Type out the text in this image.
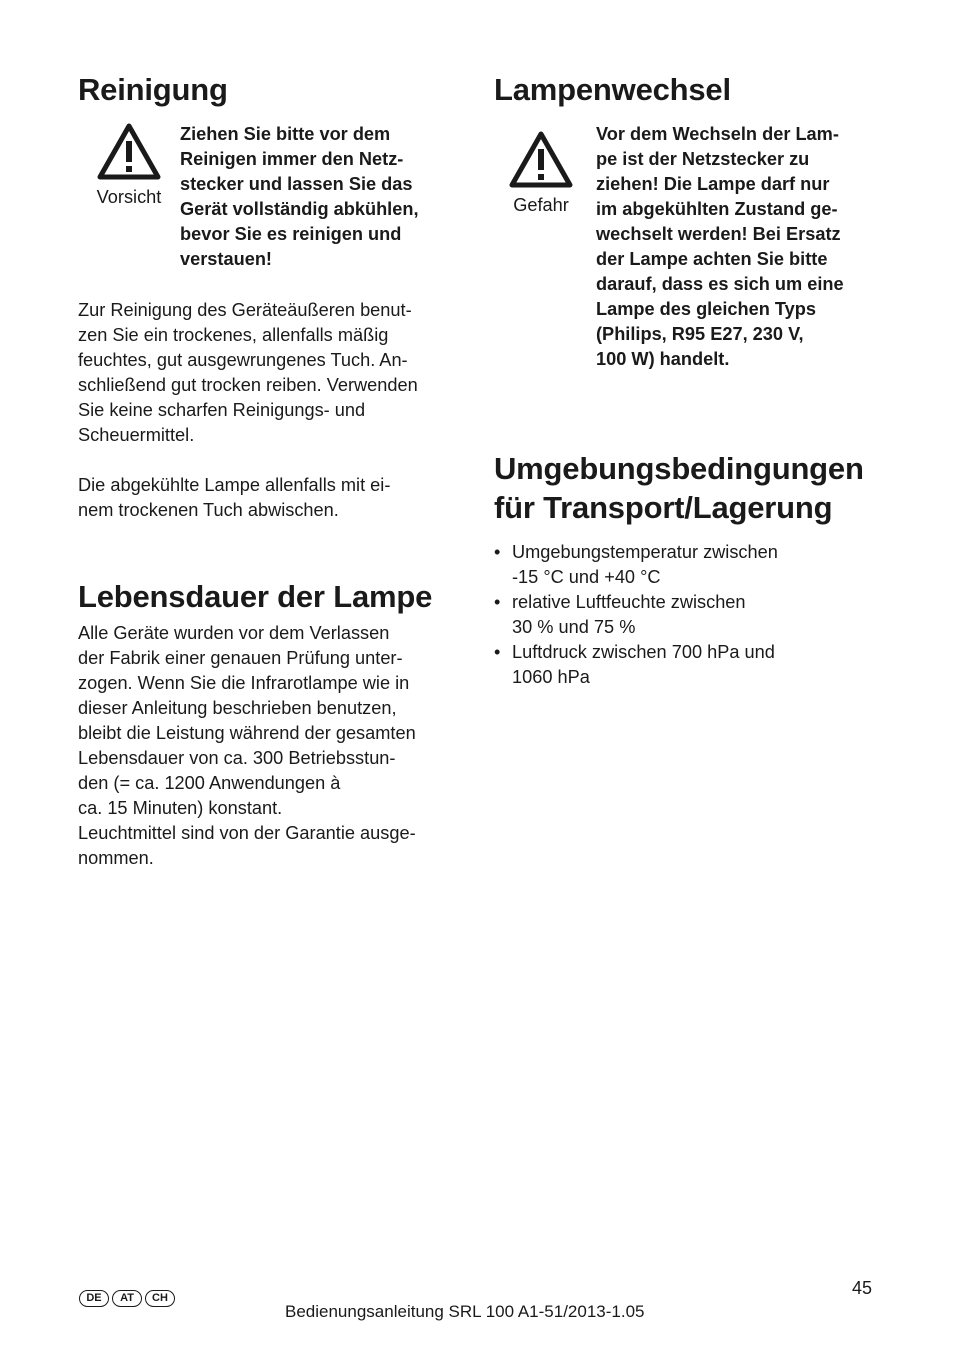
Reinigung
Vorsicht
Ziehen Sie bitte vor dem
Reinigen immer den Netz-
stecker und lassen Sie das
Gerät vollständig abkühlen,
bevor Sie es reinigen und
verstauen!

Zur Reinigung des Geräteäußeren benut-
zen Sie ein trockenes, allenfalls mäßig
feuchtes, gut ausgewrungenes Tuch. An-
schließend gut trocken reiben. Verwenden
Sie keine scharfen Reinigungs- und
Scheuermittel.

Die abgekühlte Lampe allenfalls mit ei-
nem trockenen Tuch abwischen.

Lebensdauer der Lampe

Alle Geräte wurden vor dem Verlassen
der Fabrik einer genauen Prüfung unter-
zogen. Wenn Sie die Infrarotlampe wie in
dieser Anleitung beschrieben benutzen,
bleibt die Leistung während der gesamten
Lebensdauer von ca. 300 Betriebsstun-
den (= ca. 1200 Anwendungen à
ca. 15 Minuten) konstant.
Leuchtmittel sind von der Garantie ausge-
nommen.

Lampenwechsel
Gefahr
Vor dem Wechseln der Lam-
pe ist der Netzstecker zu
ziehen! Die Lampe darf nur
im abgekühlten Zustand ge-
wechselt werden! Bei Ersatz
der Lampe achten Sie bitte
darauf, dass es sich um eine
Lampe des gleichen Typs
(Philips, R95 E27, 230 V,
100 W) handelt.
Umgebungsbedingungen
für Transport/Lagerung
• Umgebungstemperatur zwischen
-15 °C und +40 °C
• relative Luftfeuchte zwischen
30 % und 75 %
• Luftdruck zwischen 700 hPa und
1060 hPa
DE	AT	CH	45
Bedienungsanleitung SRL 100 A1-51/2013-1.05
